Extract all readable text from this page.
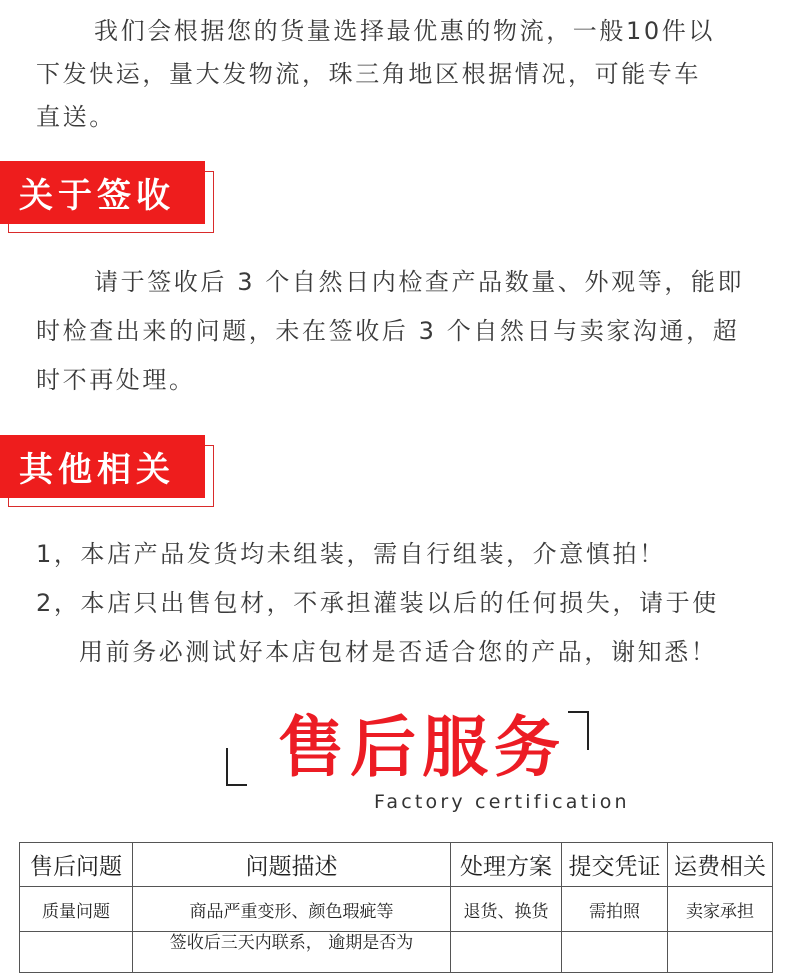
我们会根据您的货量选择最优惠的物流，一般10件以

下发快运，量大发物流，珠三角地区根据情况，可能专车

直送。

关于签收

请于签收后 3 个自然日内检查产品数量、外观等，能即

时检查出来的问题，未在签收后 3 个自然日与卖家沟通，超

时不再处理。

其他相关

1，本店产品发货均未组装，需自行组装，介意慎拍！

2，本店只出售包材，不承担灌装以后的任何损失，请于使

用前务必测试好本店包材是否适合您的产品，谢知悉！

售后服务
Factory certification
售后问题	问题描述	处理方案	提交凭证	运费相关
质量问题	商品严重变形、颜色瑕疵等	退货、换货	需拍照	卖家承担
	签收后三天内联系， 逾期是否为			
